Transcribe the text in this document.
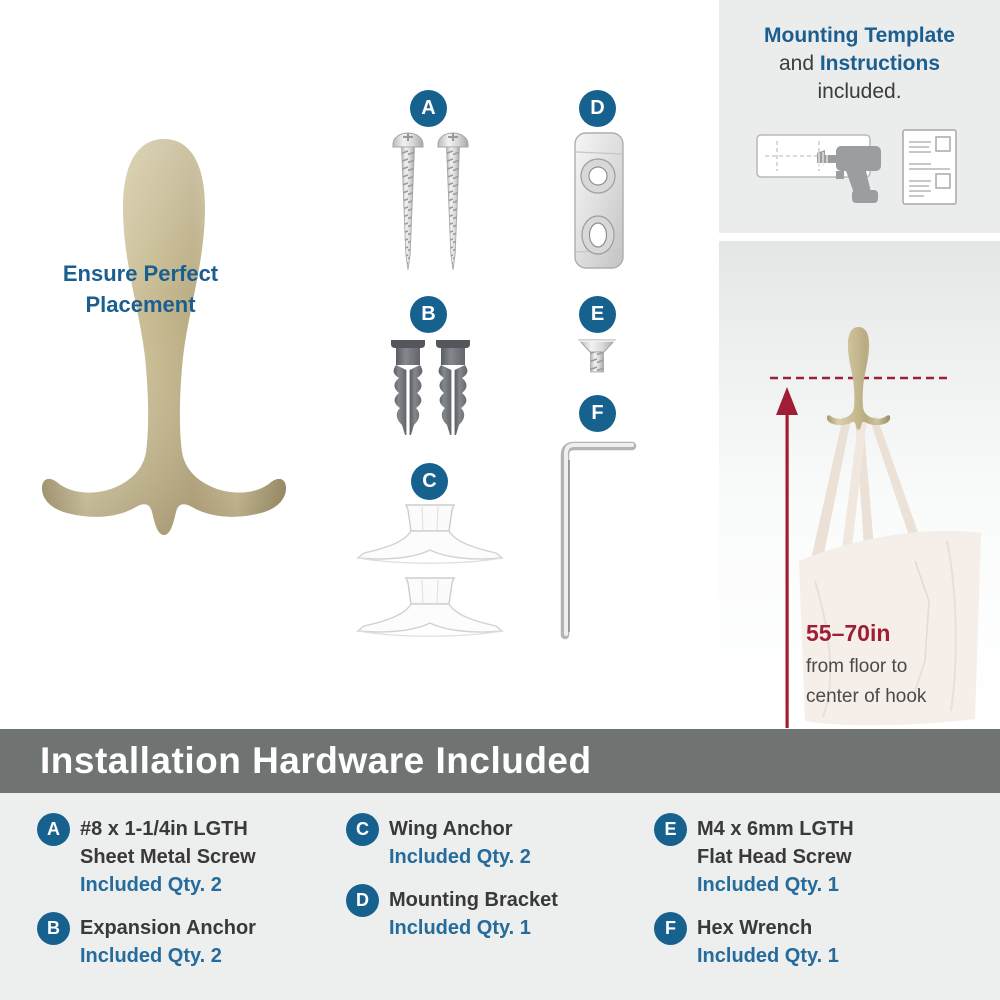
A	D
B	E
F
C
Mounting Template
and Instructions
included.
Ensure Perfect
Placement
55–70in
from floor to
center of hook
Installation Hardware Included
A	#8 x 1-1/4in LGTH
Sheet Metal Screw
Included Qty. 2
B	Expansion Anchor
Included Qty. 2
C	Wing Anchor
Included Qty. 2
D	Mounting Bracket
Included Qty. 1
E	M4 x 6mm LGTH
Flat Head Screw
Included Qty. 1
F	Hex Wrench
Included Qty. 1
